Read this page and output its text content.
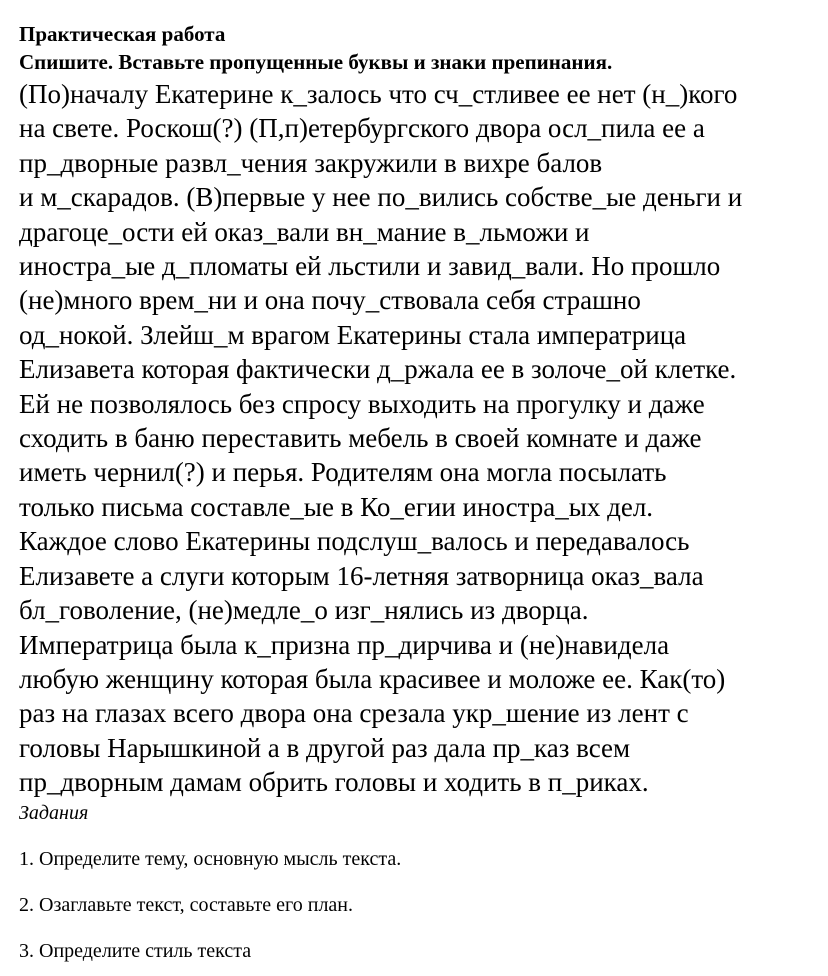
Практическая работа
Спишите. Вставьте пропущенные буквы и знаки препинания.
(По)началу Екатерине к_залось что сч_стливее ее нет (н_)кого
на свете. Роскош(?) (П,п)етербургского двора осл_пила ее а
пр_дворные развл_чения закружили в вихре балов
и м_скарадов. (В)первые у нее по_вились собстве_ые деньги и
драгоце_ости ей оказ_вали вн_мание в_льможи и
иностра_ые д_пломаты ей льстили и завид_вали. Но прошло
(не)много врем_ни и она почу_ствовала себя страшно
од_нокой. Злейш_м врагом Екатерины стала императрица
Елизавета которая фактически д_ржала ее в золоче_ой клетке.
Ей не позволялось без спросу выходить на прогулку и даже
сходить в баню переставить мебель в своей комнате и даже
иметь чернил(?) и перья. Родителям она могла посылать
только письма составле_ые в Ко_егии иностра_ых дел.
Каждое слово Екатерины подслуш_валось и передавалось
Елизавете а слуги которым 16-летняя затворница оказ_вала
бл_говоление, (не)медле_о изг_нялись из дворца.
Императрица была к_призна пр_дирчива и (не)навидела
любую женщину которая была красивее и моложе ее. Как(то)
раз на глазах всего двора она срезала укр_шение из лент с
головы Нарышкиной а в другой раз дала пр_каз всем
пр_дворным дамам обрить головы и ходить в п_риках.
Задания
1. Определите тему, основную мысль текста.
2. Озаглавьте текст, составьте его план.
3. Определите стиль текста
